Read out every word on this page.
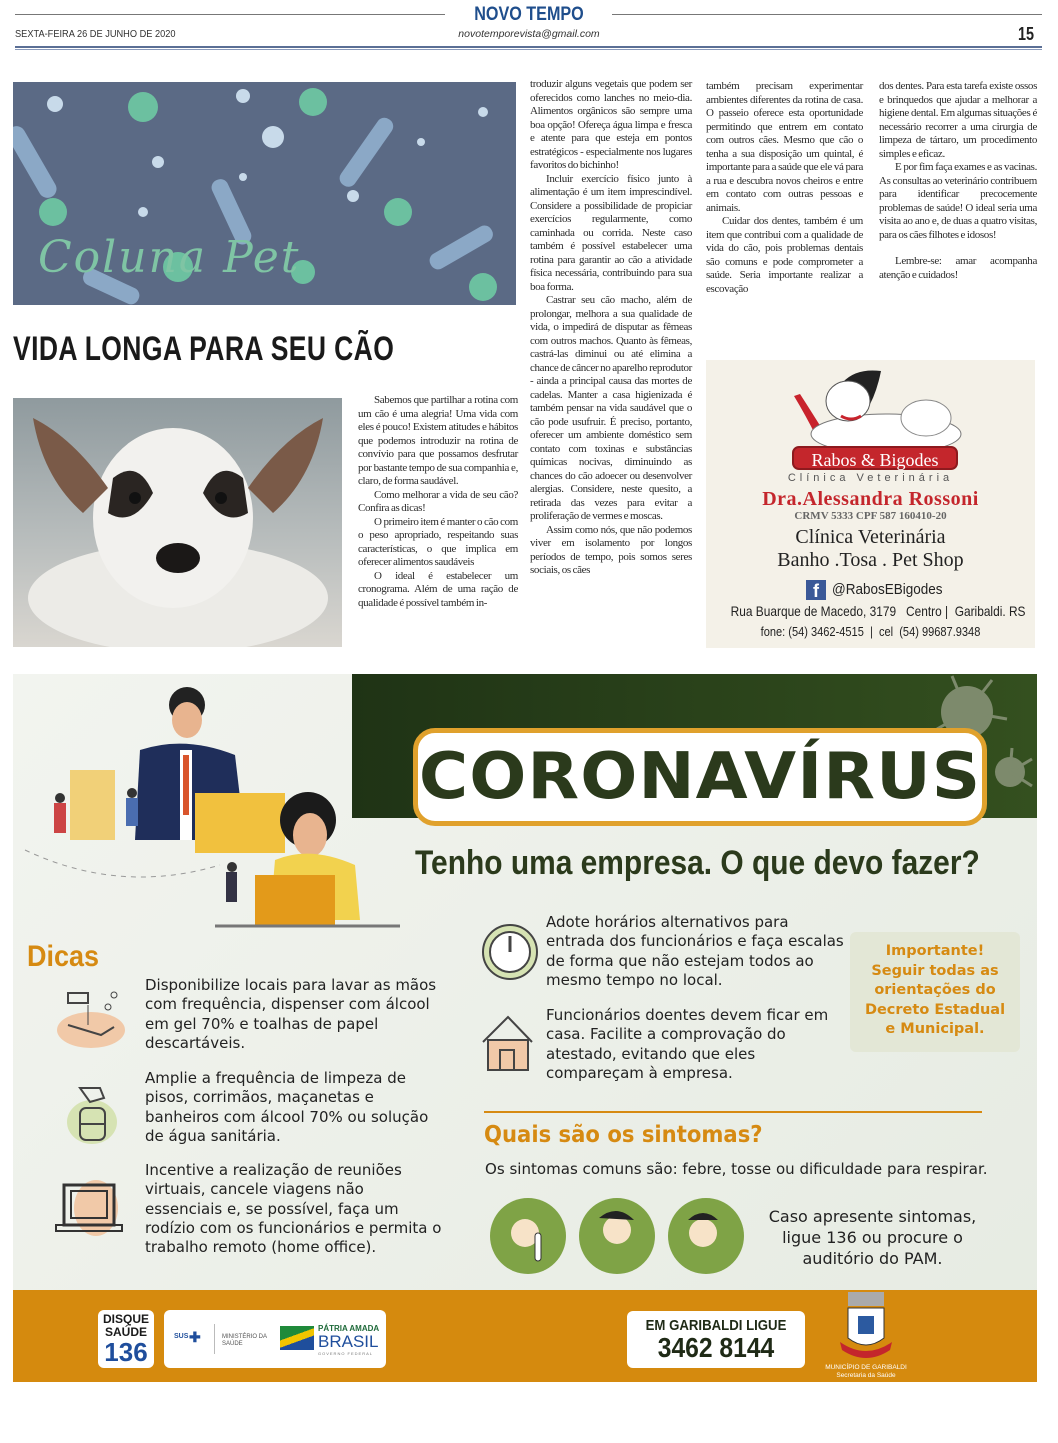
NOVO TEMPO
SEXTA-FEIRA 26 DE JUNHO DE 2020	novotemporevista@gmail.com	15
Coluna Pet
VIDA LONGA PARA SEU CÃO

Sabemos que partilhar a rotina com um cão é uma alegria! Uma vida com eles é pouco! Existem atitudes e hábitos que podemos introduzir na rotina de convívio para que possamos desfrutar por bastante tempo de sua companhia e, claro, de forma saudável.

Como melhorar a vida de seu cão? Confira as dicas!

O primeiro item é manter o cão com o peso apropriado, respeitando suas características, o que implica em oferecer alimentos saudáveis

O ideal é estabelecer um cronograma. Além de uma ração de qualidade é possível também in-

troduzir alguns vegetais que podem ser oferecidos como lanches no meio-dia. Alimentos orgânicos são sempre uma boa opção! Ofereça água limpa e fresca e atente para que esteja em pontos estratégicos - especialmente nos lugares favoritos do bichinho!

Incluir exercício físico junto à alimentação é um item imprescindível. Considere a possibilidade de propiciar exercícios regularmente, como caminhada ou corrida. Neste caso também é possível estabelecer uma rotina para garantir ao cão a atividade física necessária, contribuindo para sua boa forma.

Castrar seu cão macho, além de prolongar, melhora a sua qualidade de vida, o impedirá de disputar as fêmeas com outros machos. Quanto às fêmeas, castrá-las diminui ou até elimina a chance de câncer no aparelho reprodutor - ainda a principal causa das mortes de cadelas. Manter a casa higienizada é também pensar na vida saudável que o cão pode usufruir. É preciso, portanto, oferecer um ambiente doméstico sem contato com toxinas e substâncias químicas nocivas, diminuindo as chances do cão adoecer ou desenvolver alergias. Considere, neste quesito, a retirada das vezes para evitar a proliferação de vermes e moscas.

Assim como nós, que não podemos viver em isolamento por longos períodos de tempo, pois somos seres sociais, os cães

também precisam experimentar ambientes diferentes da rotina de casa. O passeio oferece esta oportunidade permitindo que entrem em contato com outros cães. Mesmo que cão o tenha a sua disposição um quintal, é importante para a saúde que ele vá para a rua e descubra novos cheiros e entre em contato com outras pessoas e animais.

Cuidar dos dentes, também é um item que contribui com a qualidade de vida do cão, pois problemas dentais são comuns e pode comprometer a saúde. Seria importante realizar a escovação

dos dentes. Para esta tarefa existe ossos e brinquedos que ajudar a melhorar a higiene dental. Em algumas situações é necessário recorrer a uma cirurgia de limpeza de tártaro, um procedimento simples e eficaz.

E por fim faça exames e as vacinas. As consultas ao veterinário contribuem para identificar precocemente problemas de saúde! O ideal seria uma visita ao ano e, de duas a quatro visitas, para os cães filhotes e idosos!

Lembre-se: amar acompanha atenção e cuidados!

Rabos & Bigodes
Clínica Veterinária
Dra.Alessandra Rossoni
CRMV 5333 CPF 587 160410-20
Clínica Veterinária
Banho .Tosa . Pet Shop
f @RabosEBigodes
Rua Buarque de Macedo, 3179   Centro |  Garibaldi. RS
fone: (54) 3462-4515  |  cel  (54) 99687.9348
CORONAVÍRUS
Tenho uma empresa. O que devo fazer?
Dicas
Disponibilize locais para lavar as mãos com frequência, dispenser com álcool em gel 70% e toalhas de papel descartáveis.
Amplie a frequência de limpeza de pisos, corrimãos, maçanetas e banheiros com álcool 70% ou solução de água sanitária.
Incentive a realização de reuniões virtuais, cancele viagens não essenciais e, se possível, faça um rodízio com os funcionários e permita o trabalho remoto (home office).
Adote horários alternativos para entrada dos funcionários e faça escalas de forma que não estejam todos ao mesmo tempo no local.
Funcionários doentes devem ficar em casa. Facilite a comprovação do atestado, evitando que eles compareçam à empresa.
Importante! Seguir todas as orientações do Decreto Estadual e Municipal.
Quais são os sintomas?
Os sintomas comuns são: febre, tosse ou dificuldade para respirar.
Caso apresente sintomas, ligue 136 ou procure o auditório do PAM.
DISQUE
SAÚDE
136
SUS ✚	MINISTÉRIO DA SAÚDE
PÁTRIA AMADA
BRASIL
GOVERNO FEDERAL
EM GARIBALDI LIGUE
3462 8144
MUNICÍPIO DE GARIBALDI
Secretaria da Saúde
